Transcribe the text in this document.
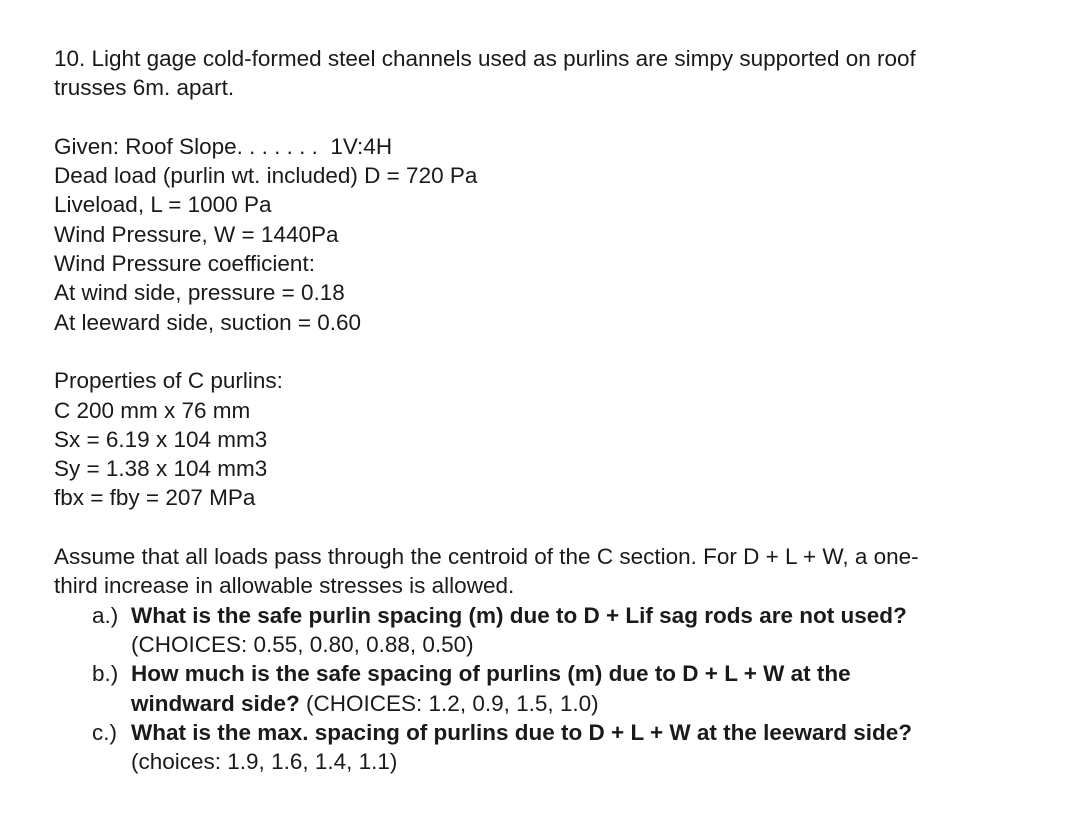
10. Light gage cold-formed steel channels used as purlins are simpy supported on roof
trusses 6m. apart.
Given: Roof Slope. . . . . . .  1V:4H
Dead load (purlin wt. included) D = 720 Pa
Liveload, L = 1000 Pa
Wind Pressure, W = 1440Pa
Wind Pressure coefficient:
At wind side, pressure = 0.18
At leeward side, suction = 0.60
Properties of C purlins:
C 200 mm x 76 mm
Sx = 6.19 x 104 mm3
Sy = 1.38 x 104 mm3
fbx = fby = 207 MPa
Assume that all loads pass through the centroid of the C section. For D + L + W, a one-
third increase in allowable stresses is allowed.
a.) What is the safe purlin spacing (m) due to D + Lif sag rods are not used?
(CHOICES: 0.55, 0.80, 0.88, 0.50)
b.) How much is the safe spacing of purlins (m) due to D + L + W at the
windward side? (CHOICES: 1.2, 0.9, 1.5, 1.0)
c.) What is the max. spacing of purlins due to D + L + W at the leeward side?
(choices: 1.9, 1.6, 1.4, 1.1)
